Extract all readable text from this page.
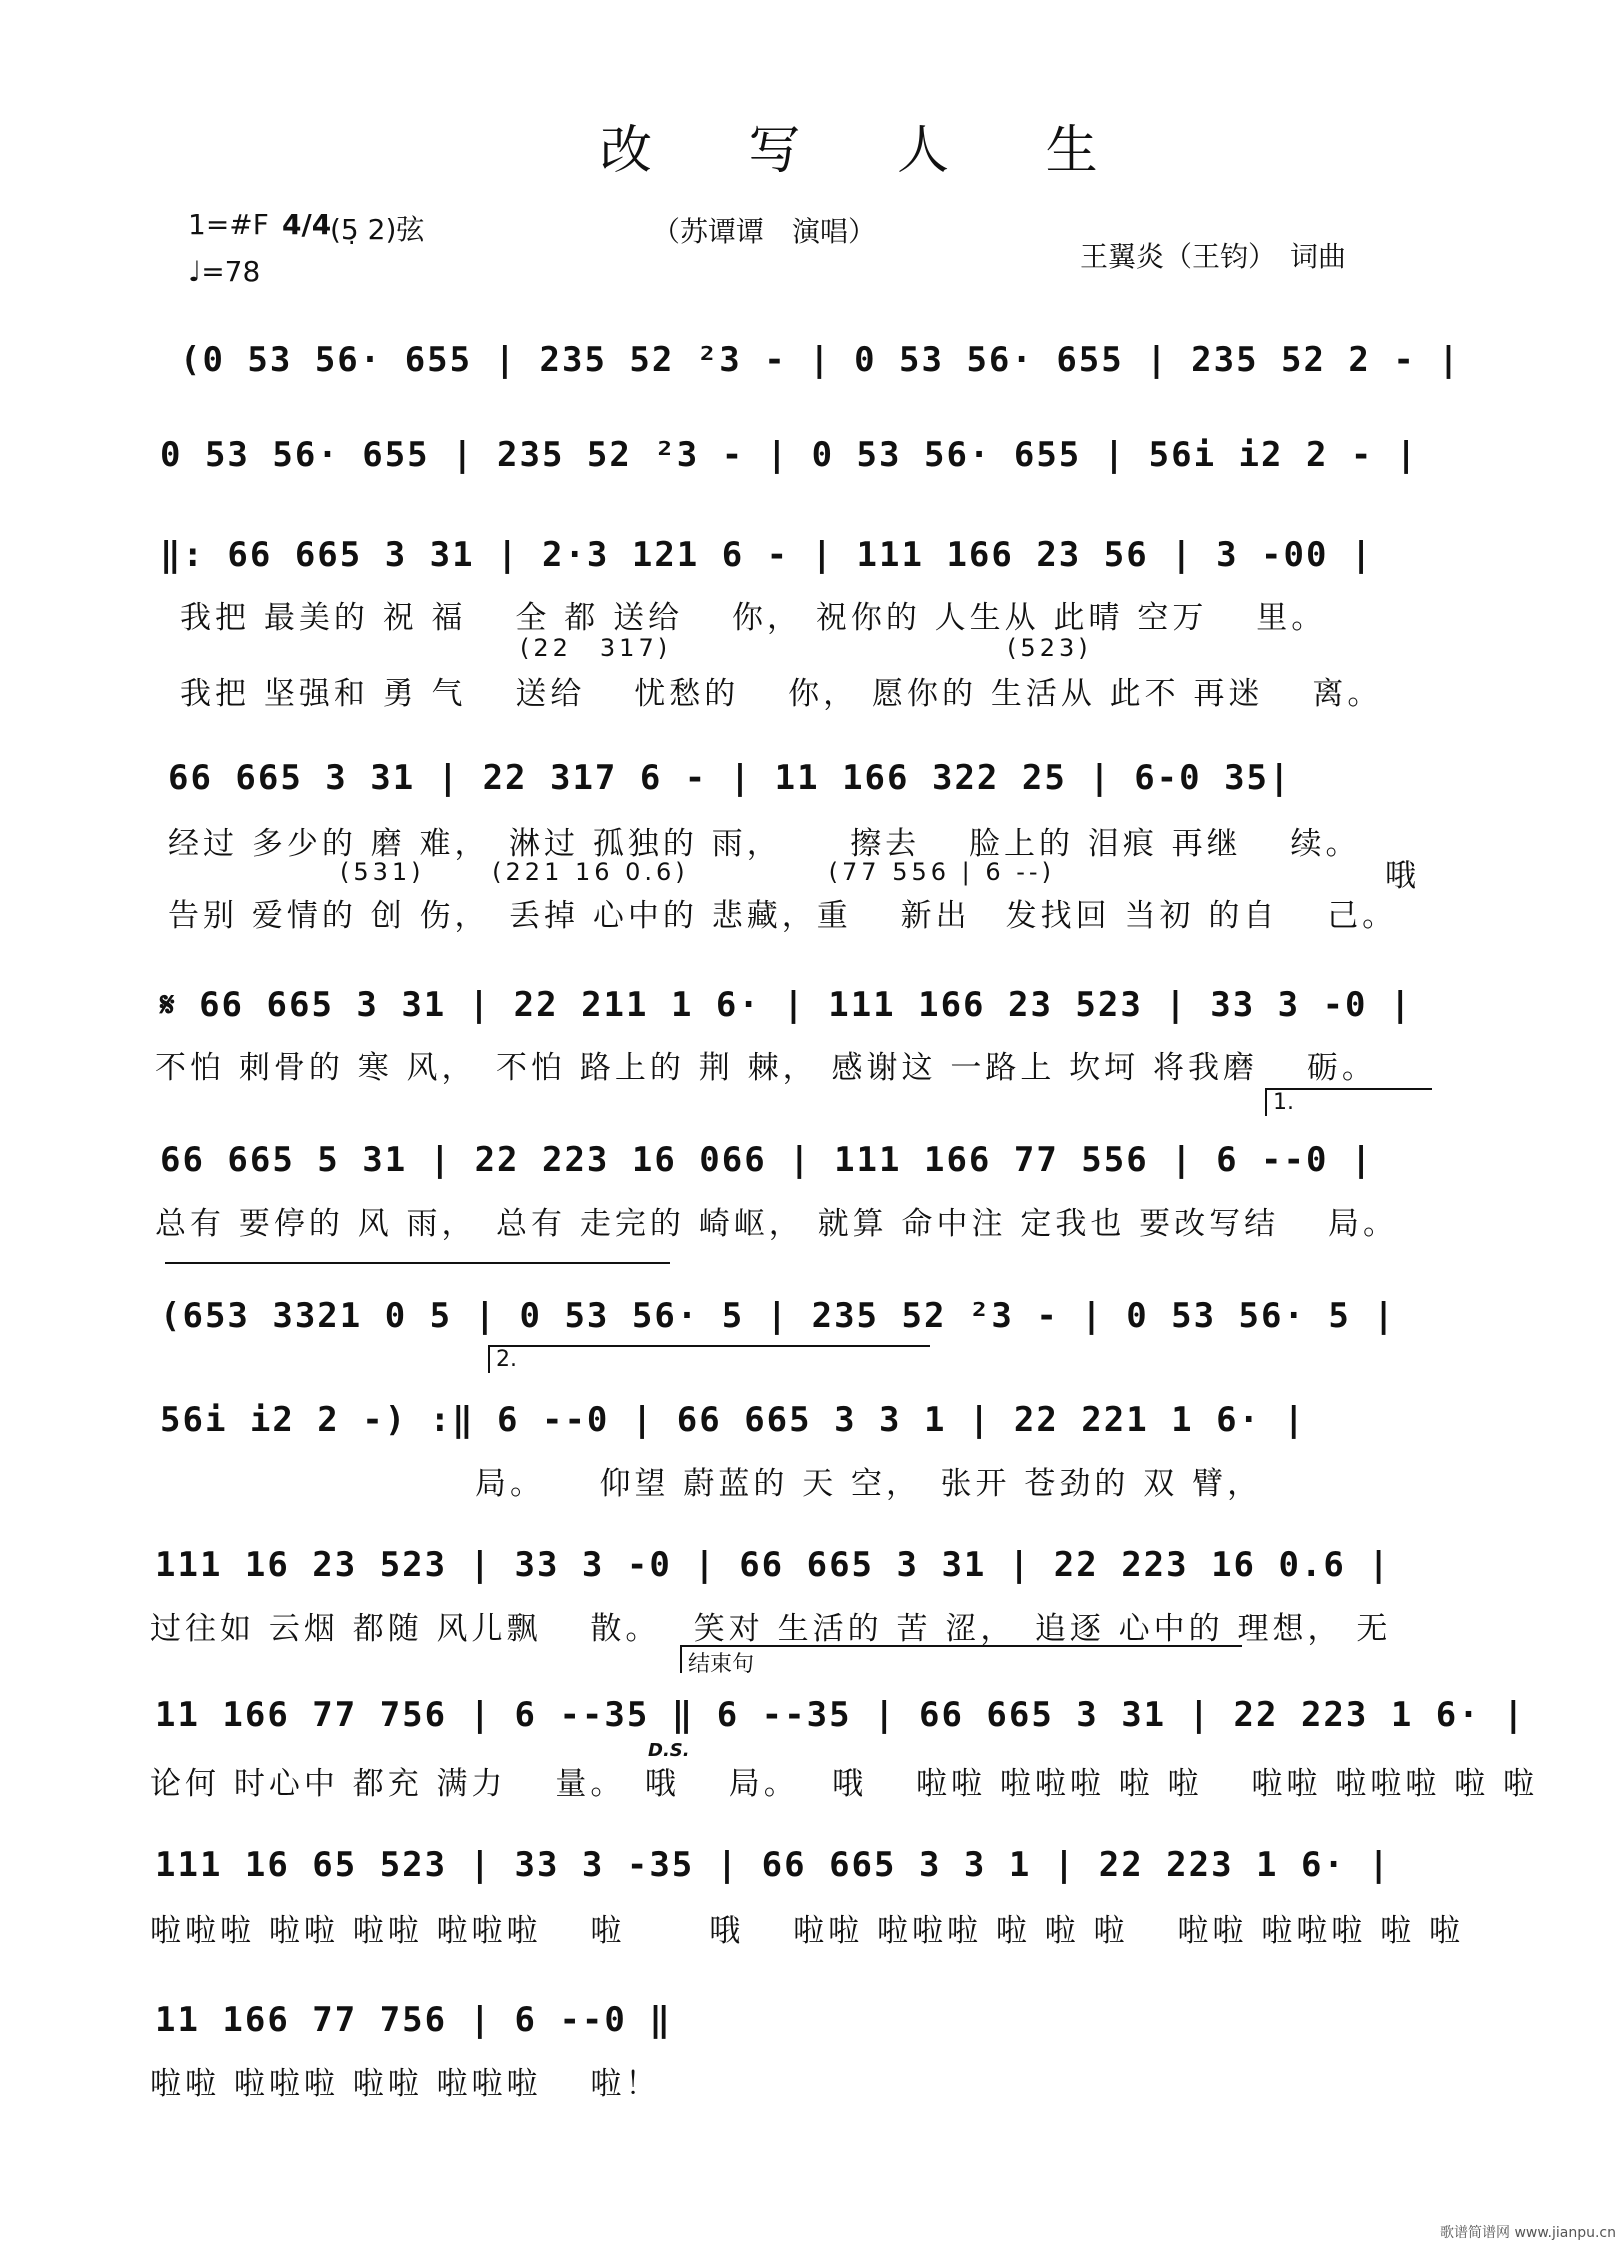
改 写 人 生
1=#F 4/4
(5̣ 2)弦
♩=78
（苏谭谭　演唱）
王翼炎（王钧）　词曲
(0 53 56· 655 | 235 52 ²3 - | 0 53 56· 655 | 235 52 2 - |
0 53 56· 655 | 235 52 ²3 - | 0 53 56· 655 | 56i i2 2 - |
‖: 66 665 3 31 | 2·3 121 6 - | 111 166 23 56 | 3 -00 |
我把 最美的 祝 福　 全 都 送给　 你， 祝你的 人生从 此晴 空万　 里。
(22　317)　　　　　　　　　　　　(523)
我把 坚强和 勇 气　 送给　 忧愁的　 你， 愿你的 生活从 此不 再迷　 离。
66 665 3 31 | 22 317 6 - | 11 166 322 25 | 6-0 35|
经过 多少的 磨 难，　淋过 孤独的 雨，　　 擦去　 脸上的 泪痕 再继　 续。
(531)　　 (221 16 0.6)　　　　　(77 556 | 6 --)
告别 爱情的 创 伤，　丢掉 心中的 悲藏，重　 新出　发找回 当初 的自　 己。
哦
𝄋 66 665 3 31 | 22 211 1 6· | 111 166 23 523 | 33 3 -0 |
不怕 刺骨的 寒 风，　不怕 路上的 荆 棘， 感谢这 一路上 坎坷 将我磨　 砺。
66 665 5 31 | 22 223 16 066 | 111 166 77 556 | 6 --0 |
总有 要停的 风 雨，　总有 走完的 崎岖， 就算 命中注 定我也 要改写结　 局。
1.
(653 3321 0 5 | 0 53 56· 5 | 235 52 ²3 - | 0 53 56· 5 |
2.
56i i2 2 -) :‖ 6 --0 | 66 665 3 3 1 | 22 221 1 6· |
　　　　　　　　　局。　　仰望 蔚蓝的 天 空，　张开 苍劲的 双 臂，
111 16 23 523 | 33 3 -0 | 66 665 3 31 | 22 223 16 0.6 |
过往如 云烟 都随 风儿飘　 散。　 笑对 生活的 苦 涩，　追逐 心中的 理想， 无
结束句
11 166 77 756 | 6 --35 ‖ 6 --35 | 66 665 3 31 | 22 223 1 6· |
D.S.
论何 时心中 都充 满力　 量。　哦　 局。　 哦　 啦啦 啦啦啦 啦 啦　 啦啦 啦啦啦 啦 啦
111 16 65 523 | 33 3 -35 | 66 665 3 3 1 | 22 223 1 6· |
啦啦啦 啦啦 啦啦 啦啦啦　 啦　　 哦　 啦啦 啦啦啦 啦 啦 啦　 啦啦 啦啦啦 啦 啦
11 166 77 756 | 6 --0 ‖
啦啦 啦啦啦 啦啦 啦啦啦　 啦！
歌谱简谱网 www.jianpu.cn
